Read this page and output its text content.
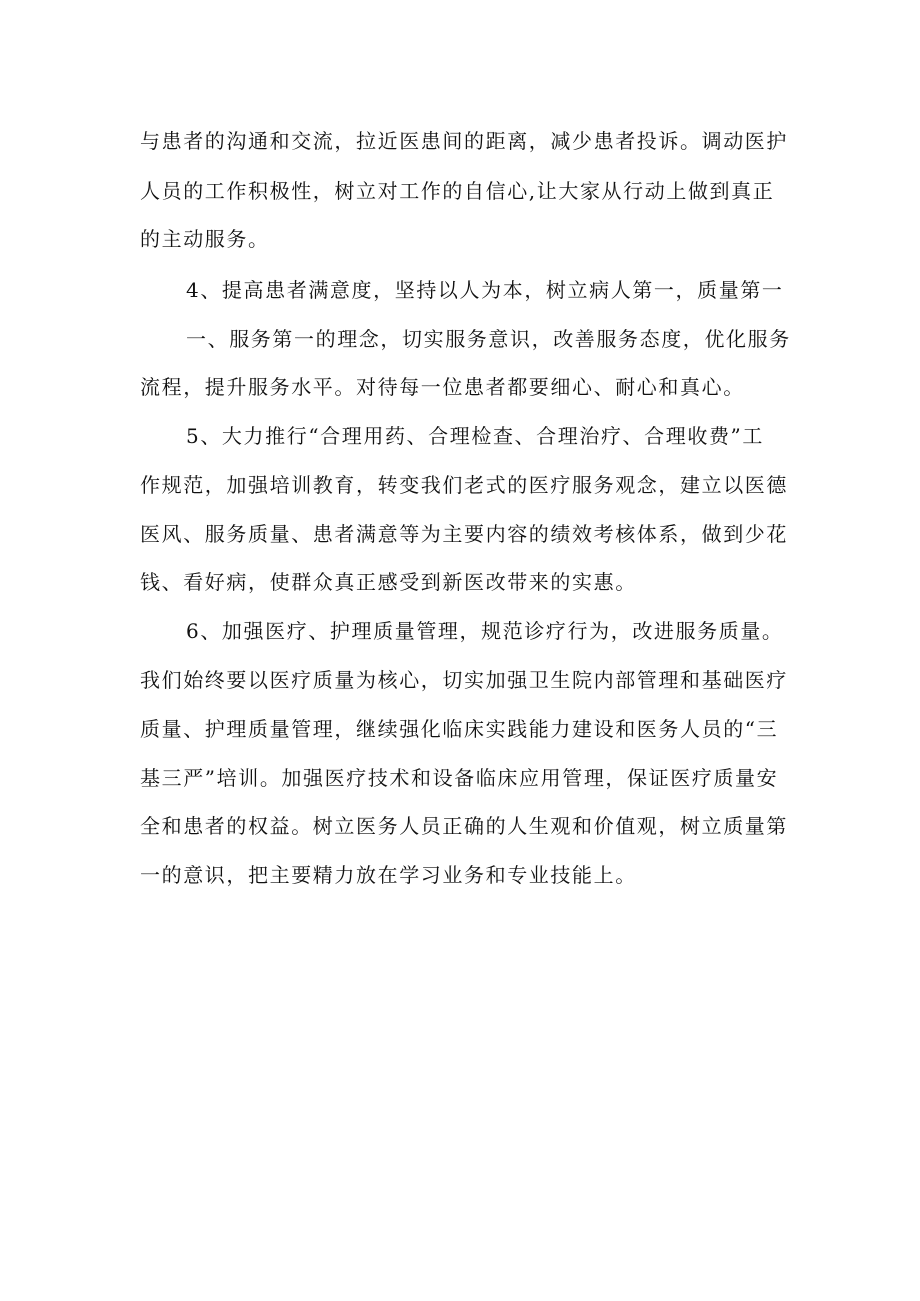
与患者的沟通和交流，拉近医患间的距离，减少患者投诉。调动医护
人员的工作积极性，树立对工作的自信心,让大家从行动上做到真正
的主动服务。
4、提高患者满意度，坚持以人为本，树立病人第一，质量第一
一、服务第一的理念，切实服务意识，改善服务态度，优化服务
流程，提升服务水平。对待每一位患者都要细心、耐心和真心。
5、大力推行“合理用药、合理检查、合理治疗、合理收费”工
作规范，加强培训教育，转变我们老式的医疗服务观念，建立以医德
医风、服务质量、患者满意等为主要内容的绩效考核体系，做到少花
钱、看好病，使群众真正感受到新医改带来的实惠。
6、加强医疗、护理质量管理，规范诊疗行为，改进服务质量。
我们始终要以医疗质量为核心，切实加强卫生院内部管理和基础医疗
质量、护理质量管理，继续强化临床实践能力建设和医务人员的“三
基三严”培训。加强医疗技术和设备临床应用管理，保证医疗质量安
全和患者的权益。树立医务人员正确的人生观和价值观，树立质量第
一的意识，把主要精力放在学习业务和专业技能上。
